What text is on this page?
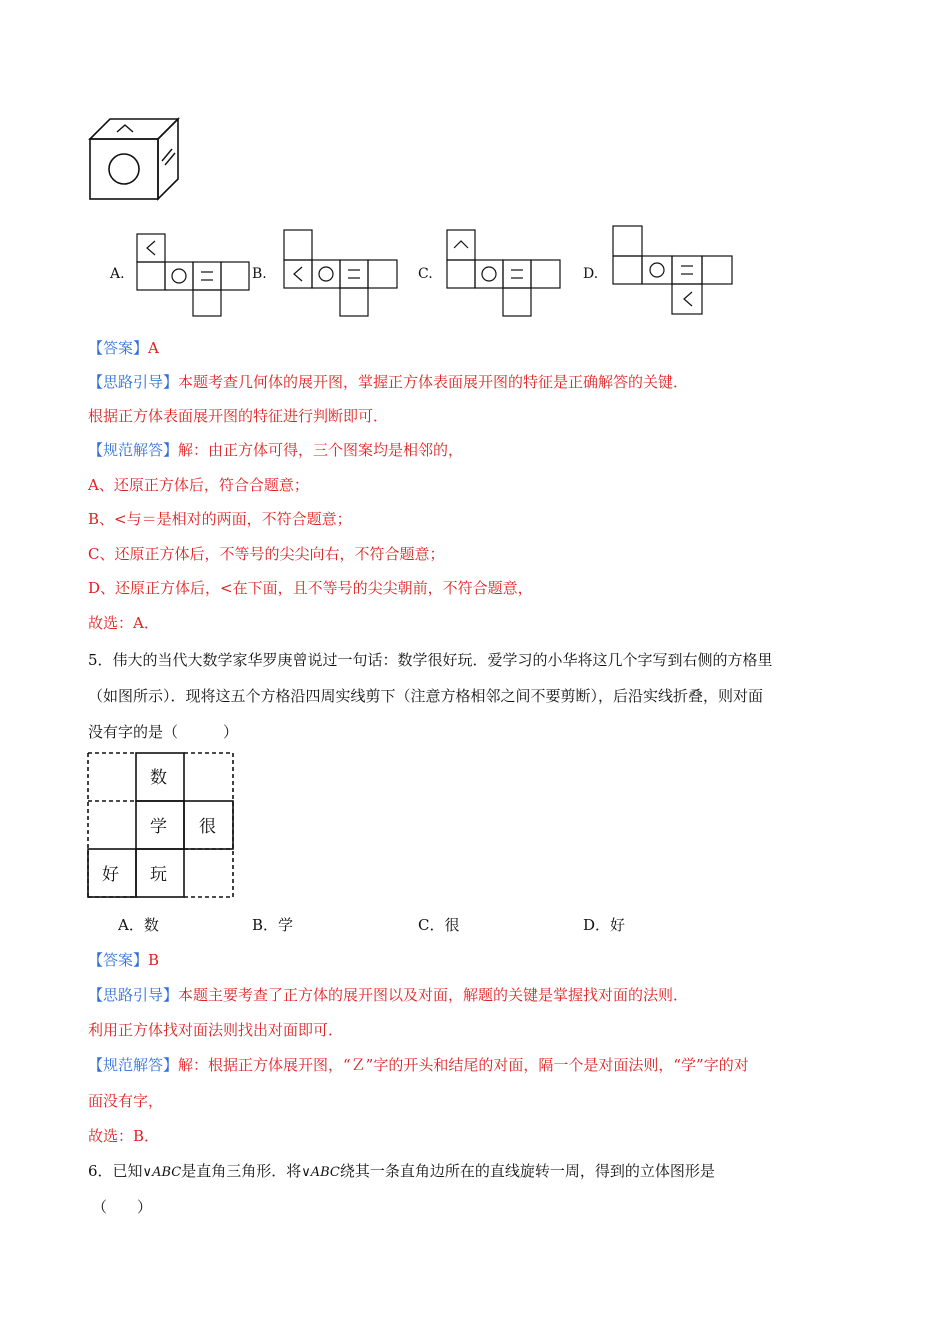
A.	B.	C.	D.
【答案】A
【思路引导】本题考查几何体的展开图，掌握正方体表面展开图的特征是正确解答的关键．
根据正方体表面展开图的特征进行判断即可．
【规范解答】解：由正方体可得，三个图案均是相邻的，
A、还原正方体后，符合合题意；
B、<与＝是相对的两面，不符合题意；
C、还原正方体后，不等号的尖尖向右，不符合题意；
D、还原正方体后，<在下面，且不等号的尖尖朝前，不符合题意，
故选：A．
5．伟大的当代大数学家华罗庚曾说过一句话：数学很好玩．爱学习的小华将这几个字写到右侧的方格里
（如图所示）．现将这五个方格沿四周实线剪下（注意方格相邻之间不要剪断），后沿实线折叠，则对面
没有字的是（　　　）
数
学 很
好 玩
A．数	B．学	C．很	D．好
【答案】B
【思路引导】本题主要考查了正方体的展开图以及对面，解题的关键是掌握找对面的法则．
利用正方体找对面法则找出对面即可．
【规范解答】解：根据正方体展开图，“Ｚ”字的开头和结尾的对面，隔一个是对面法则，“学”字的对
面没有字，
故选：B．
6．已知∨ABC是直角三角形．将∨ABC绕其一条直角边所在的直线旋转一周，得到的立体图形是
（　　）
